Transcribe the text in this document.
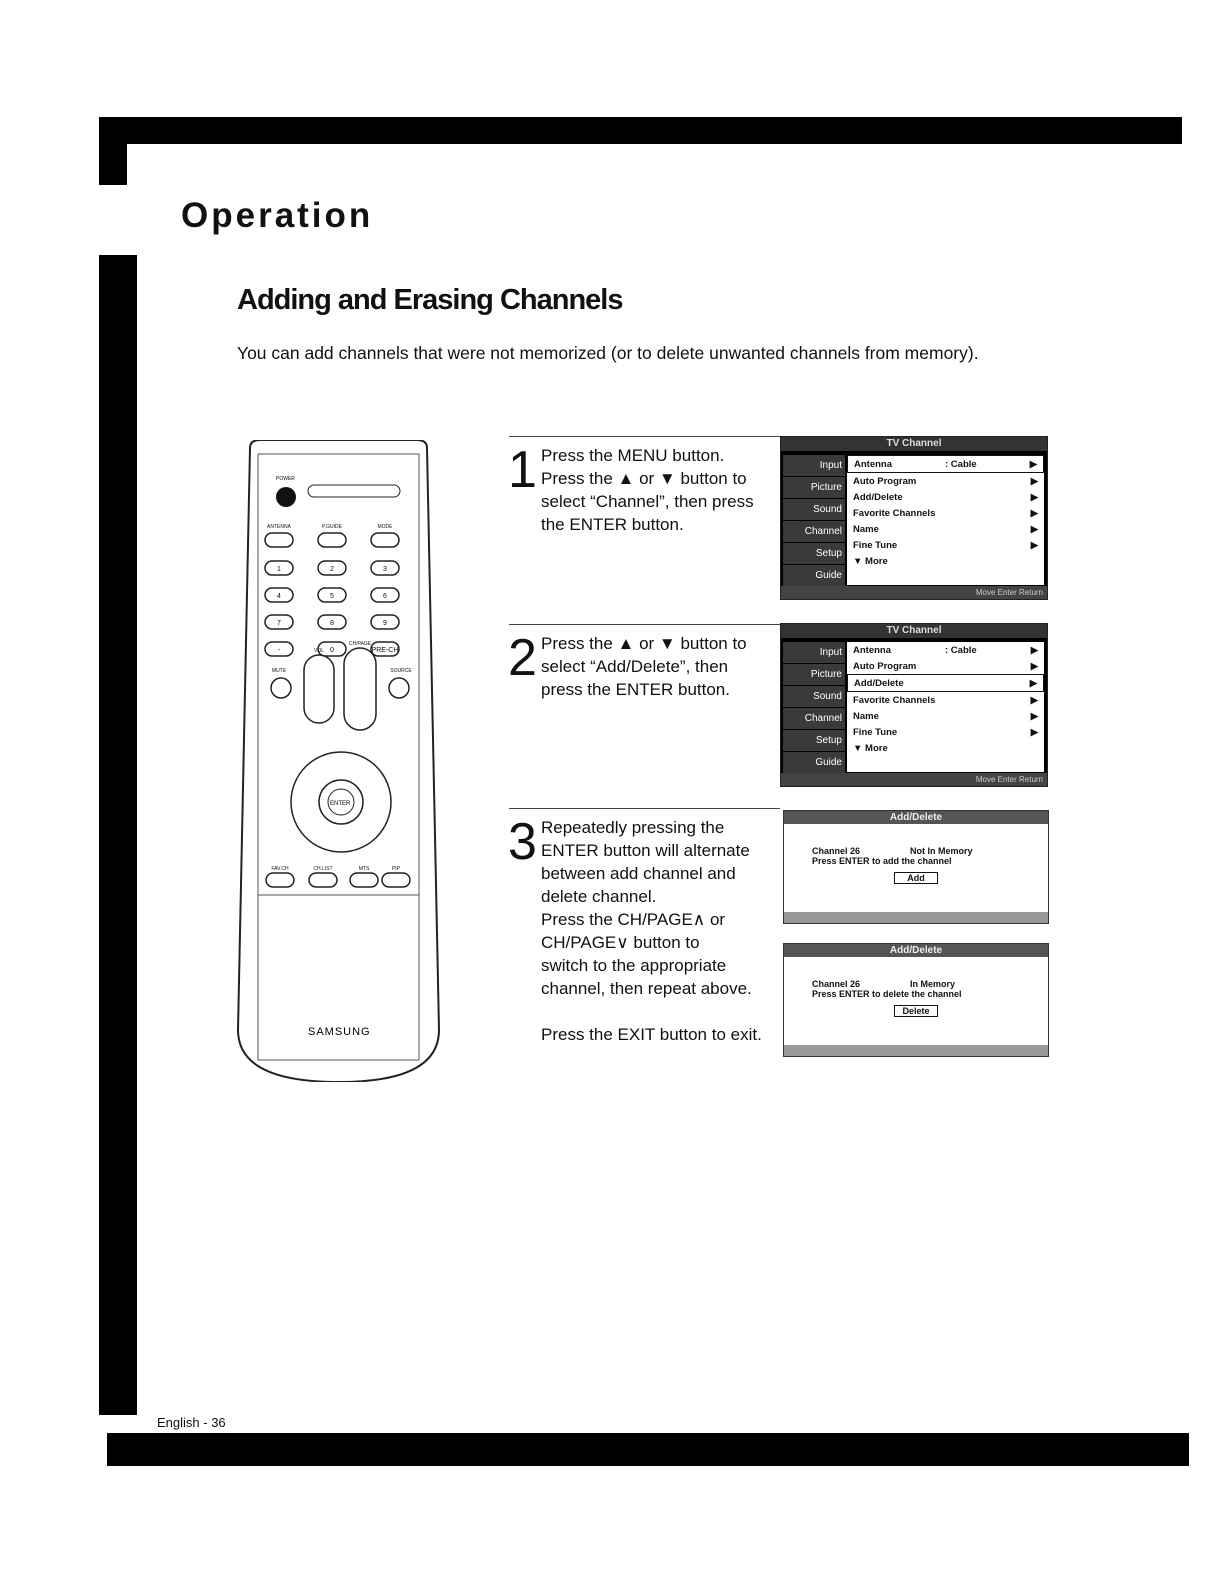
Operation
Adding and Erasing Channels

You can add channels that were not memorized (or to delete unwanted channels from memory).

POWER
ANTENNA	P.GUIDE	MODE
1	2	3
4	5	6
7	8	9
-	0	PRE-CH
VOL
CH/PAGE
MUTE	SOURCE
FAV.CH	CH.LIST	MTS	PIP
ENTER
SAMSUNG
1 Press the MENU button.

Press the ▲ or ▼ button to

select “Channel”, then press

the ENTER button.

2 Press the ▲ or ▼ button to

select “Add/Delete”, then

press the ENTER button.

3 Repeatedly pressing the

ENTER button will alternate

between add channel and

delete channel.

Press the CH/PAGE∧ or

CH/PAGE∨ button to

switch to the appropriate

channel, then repeat above.

Press the EXIT button to exit.

TV Channel
Input
Picture
Sound
Channel
Setup
Guide
Antenna	: Cable	▶
Auto Program	▶
Add/Delete	▶
Favorite Channels	▶
Name	▶
Fine Tune	▶
▼ More
Move Enter Return
TV Channel
Input
Picture
Sound
Channel
Setup
Guide
Antenna	: Cable	▶
Auto Program	▶
Add/Delete	▶
Favorite Channels	▶
Name	▶
Fine Tune	▶
▼ More
Move Enter Return
Add/Delete
Channel 26	Not In Memory
Press ENTER to add the channel
Add
Add/Delete
Channel 26	In Memory
Press ENTER to delete the channel
Delete
English - 36
